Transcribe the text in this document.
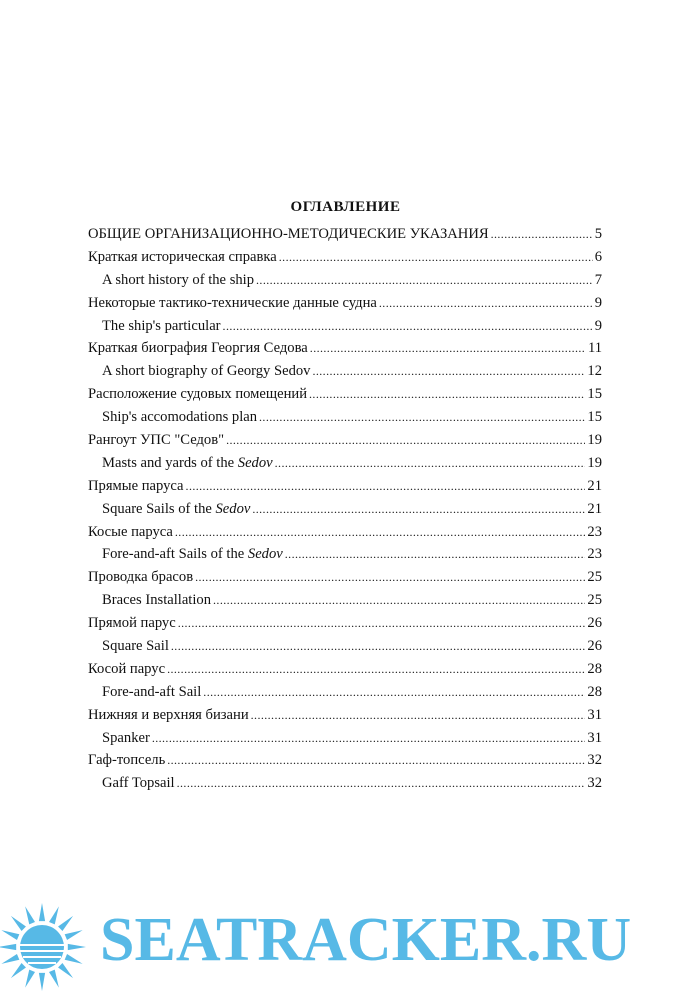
ОГЛАВЛЕНИЕ
ОБЩИЕ ОРГАНИЗАЦИОННО-МЕТОДИЧЕСКИЕ УКАЗАНИЯ .....	5
Краткая историческая справка .....	6
A short history of the ship .....	7
Некоторые тактико-технические данные судна .....	9
The ship's particular .....	9
Краткая биография Георгия Седова .....	11
A short biography of Georgy Sedov .....	12
Расположение судовых помещений .....	15
Ship's accomodations plan .....	15
Рангоут УПС "Седов" .....	19
Masts and yards of the Sedov .....	19
Прямые паруса .....	21
Square Sails of the Sedov .....	21
Косые паруса .....	23
Fore-and-aft Sails of the Sedov .....	23
Проводка брасов .....	25
Braces Installation .....	25
Прямой парус .....	26
Square Sail .....	26
Косой парус .....	28
Fore-and-aft Sail .....	28
Нижняя и верхняя бизани .....	31
Spanker .....	31
Гаф-топсель .....	32
Gaff Topsail .....	32
SEATRACKER.RU
